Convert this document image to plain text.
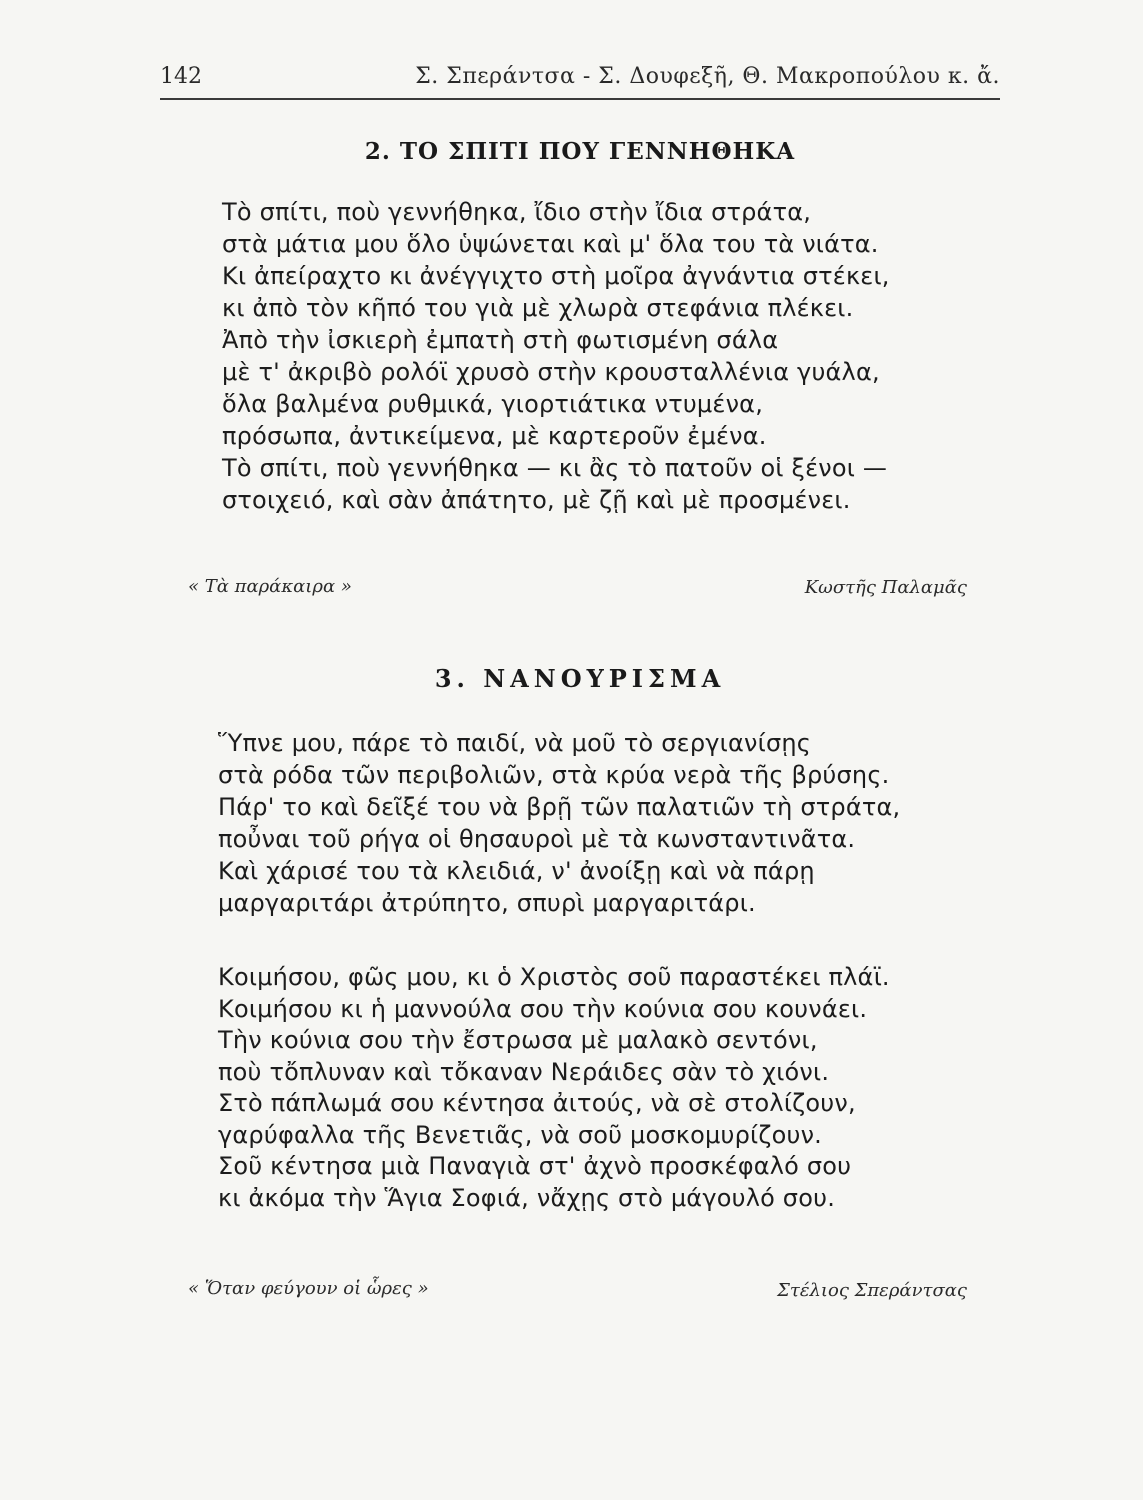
142	Σ. Σπεράντσα - Σ. Δουφεξῆ, Θ. Μακροπούλου κ. ἄ.
2. ΤΟ ΣΠΙΤΙ ΠΟΥ ΓΕΝΝΗΘΗΚΑ
Τὸ σπίτι, ποὺ γεννήθηκα, ἴδιο στὴν ἴδια στράτα,
στὰ μάτια μου ὅλο ὑψώνεται καὶ μ' ὅλα του τὰ νιάτα.
Κι ἀπείραχτο κι ἀνέγγιχτο στὴ μοῖρα ἀγνάντια στέκει,
κι ἀπὸ τὸν κῆπό του γιὰ μὲ χλωρὰ στεφάνια πλέκει.
Ἀπὸ τὴν ἰσκιερὴ ἐμπατὴ στὴ φωτισμένη σάλα
μὲ τ' ἀκριβὸ ρολόϊ χρυσὸ στὴν κρουσταλλένια γυάλα,
ὅλα βαλμένα ρυθμικά, γιορτιάτικα ντυμένα,
πρόσωπα, ἀντικείμενα, μὲ καρτεροῦν ἐμένα.
Τὸ σπίτι, ποὺ γεννήθηκα — κι ἂς τὸ πατοῦν οἱ ξένοι —
στοιχειό, καὶ σὰν ἀπάτητο, μὲ ζῇ καὶ μὲ προσμένει.
« Τὰ παράκαιρα »	Κωστῆς Παλαμᾶς
3. ΝΑΝΟΥΡΙΣΜΑ
Ὕπνε μου, πάρε τὸ παιδί, νὰ μοῦ τὸ σεργιανίσῃς
στὰ ρόδα τῶν περιβολιῶν, στὰ κρύα νερὰ τῆς βρύσης.
Πάρ' το καὶ δεῖξέ του νὰ βρῇ τῶν παλατιῶν τὴ στράτα,
ποὖναι τοῦ ρήγα οἱ θησαυροὶ μὲ τὰ κωνσταντινᾶτα.
Καὶ χάρισέ του τὰ κλειδιά, ν' ἀνοίξῃ καὶ νὰ πάρῃ
μαργαριτάρι ἀτρύπητο, σπυρὶ μαργαριτάρι.
Κοιμήσου, φῶς μου, κι ὁ Χριστὸς σοῦ παραστέκει πλάϊ.
Κοιμήσου κι ἡ μαννούλα σου τὴν κούνια σου κουνάει.
Τὴν κούνια σου τὴν ἔστρωσα μὲ μαλακὸ σεντόνι,
ποὺ τὄπλυναν καὶ τὄκαναν Νεράιδες σὰν τὸ χιόνι.
Στὸ πάπλωμά σου κέντησα ἀιτούς, νὰ σὲ στολίζουν,
γαρύφαλλα τῆς Βενετιᾶς, νὰ σοῦ μοσκομυρίζουν.
Σοῦ κέντησα μιὰ Παναγιὰ στ' ἀχνὸ προσκέφαλό σου
κι ἀκόμα τὴν Ἅγια Σοφιά, νἄχῃς στὸ μάγουλό σου.
« Ὅταν φεύγουν οἱ ὧρες »	Στέλιος Σπεράντσας
